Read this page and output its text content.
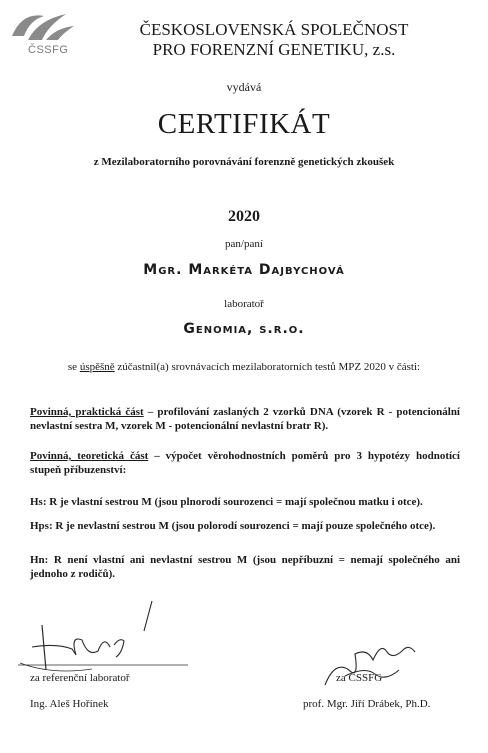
ČSSFG
ČESKOSLOVENSKÁ SPOLEČNOST
PRO FORENZNÍ GENETIKU, z.s.
vydává
CERTIFIKÁT
z Mezilaboratorního porovnávání forenzně genetických zkoušek
2020
pan/paní
Mgr. Markéta Dajbychová
laboratoř
Genomia, s.r.o.
se úspěšně zúčastnil(a) srovnávacích mezilaboratorních testů MPZ 2020 v části:
Povinná, praktická část – profilování zaslaných 2 vzorků DNA (vzorek R - potencionální nevlastní sestra M, vzorek M - potencionální nevlastní bratr R).
Povinná, teoretická část – výpočet věrohodnostních poměrů pro 3 hypotézy hodnotící stupeň příbuzenství:
Hs: R je vlastní sestrou M (jsou plnorodí sourozenci = mají společnou matku i otce).
Hps: R je nevlastní sestrou M (jsou polorodí sourozenci = mají pouze společného otce).
Hn: R není vlastní ani nevlastní sestrou M (jsou nepříbuzní = nemají společného ani jednoho z rodičů).
za referenční laboratoř	za ČSSFG
Ing. Aleš Hořínek	prof. Mgr. Jiří Drábek, Ph.D.
